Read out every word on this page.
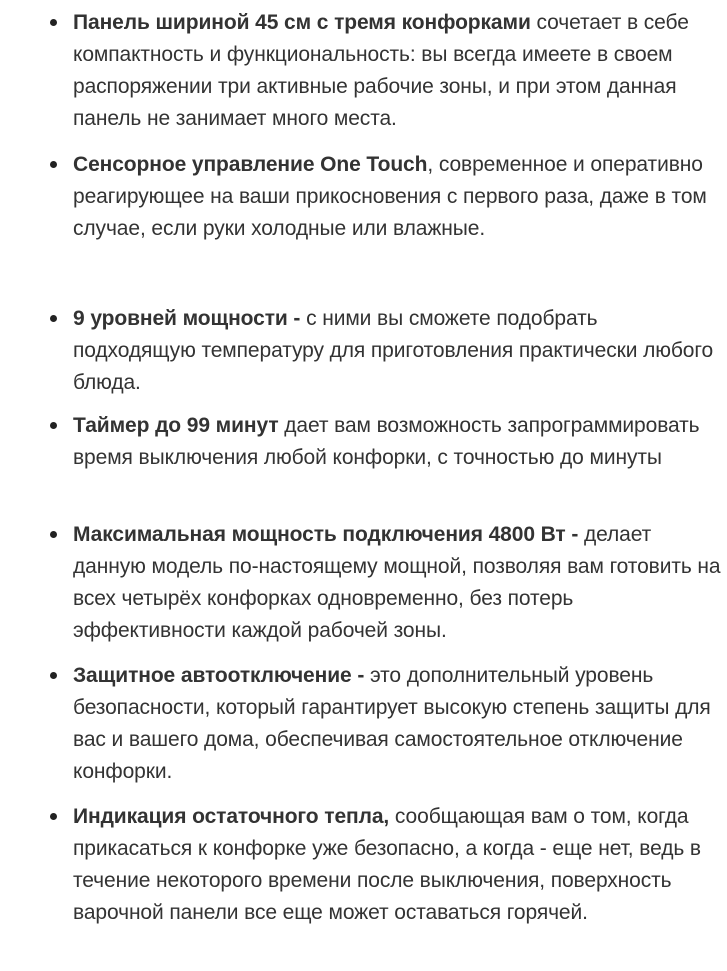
Панель шириной 45 см с тремя конфорками сочетает в себе компактность и функциональность: вы всегда имеете в своем распоряжении три активные рабочие зоны, и при этом данная панель не занимает много места.
Сенсорное управление One Touch, современное и оперативно реагирующее на ваши прикосновения с первого раза, даже в том случае, если руки холодные или влажные.
9 уровней мощности - с ними вы сможете подобрать подходящую температуру для приготовления практически любого блюда.
Таймер до 99 минут дает вам возможность запрограммировать время выключения любой конфорки, с точностью до минуты
Максимальная мощность подключения 4800 Вт - делает данную модель по-настоящему мощной, позволяя вам готовить на всех четырёх конфорках одновременно, без потерь эффективности каждой рабочей зоны.
Защитное автоотключение - это дополнительный уровень безопасности, который гарантирует высокую степень защиты для вас и вашего дома, обеспечивая самостоятельное отключение конфорки.
Индикация остаточного тепла, сообщающая вам о том, когда прикасаться к конфорке уже безопасно, а когда - еще нет, ведь в течение некоторого времени после выключения, поверхность варочной панели все еще может оставаться горячей.
